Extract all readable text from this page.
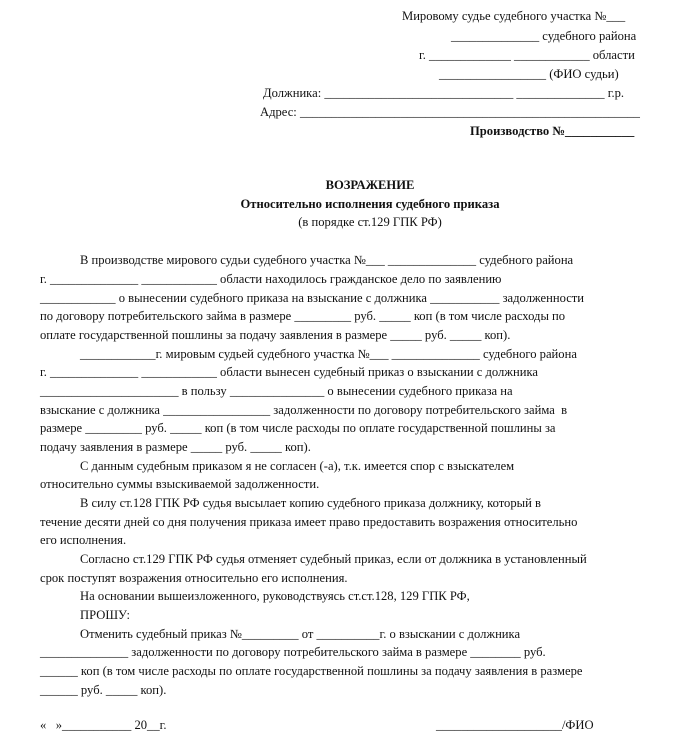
Мировому судье судебного участка №___
______________ судебного района
г. _____________ ____________ области
_________________ (ФИО судьи)
Должника: ______________________________ ______________ г.р.
Адрес: ______________________________________________________
Производство №___________
ВОЗРАЖЕНИЕ
Относительно исполнения судебного приказа
(в порядке ст.129 ГПК РФ)
В производстве мирового судьи судебного участка №___ ______________ судебного района
г. ______________ ____________ области находилось гражданское дело по заявлению
____________ о вынесении судебного приказа на взыскание с должника ___________ задолженности
по договору потребительского займа в размере _________ руб. _____ коп (в том числе расходы по
оплате государственной пошлины за подачу заявления в размере _____ руб. _____ коп).
____________г. мировым судьей судебного участка №___ ______________ судебного района
г. ______________ ____________ области вынесен судебный приказ о взыскании с должника
______________________ в пользу _______________ о вынесении судебного приказа на
взыскание с должника _________________ задолженности по договору потребительского займа  в
размере _________ руб. _____ коп (в том числе расходы по оплате государственной пошлины за
подачу заявления в размере _____ руб. _____ коп).
С данным судебным приказом я не согласен (-а), т.к. имеется спор с взыскателем
относительно суммы взыскиваемой задолженности.
В силу ст.128 ГПК РФ судья высылает копию судебного приказа должнику, который в
течение десяти дней со дня получения приказа имеет право предоставить возражения относительно
его исполнения.
Согласно ст.129 ГПК РФ судья отменяет судебный приказ, если от должника в установленный
срок поступят возражения относительно его исполнения.
На основании вышеизложенного, руководствуясь ст.ст.128, 129 ГПК РФ,
ПРОШУ:
Отменить судебный приказ №_________ от __________г. о взыскании с должника
______________ задолженности по договору потребительского займа в размере ________ руб.
______ коп (в том числе расходы по оплате государственной пошлины за подачу заявления в размере
______ руб. _____ коп).
«   »___________ 20__г.	____________________/ФИО
